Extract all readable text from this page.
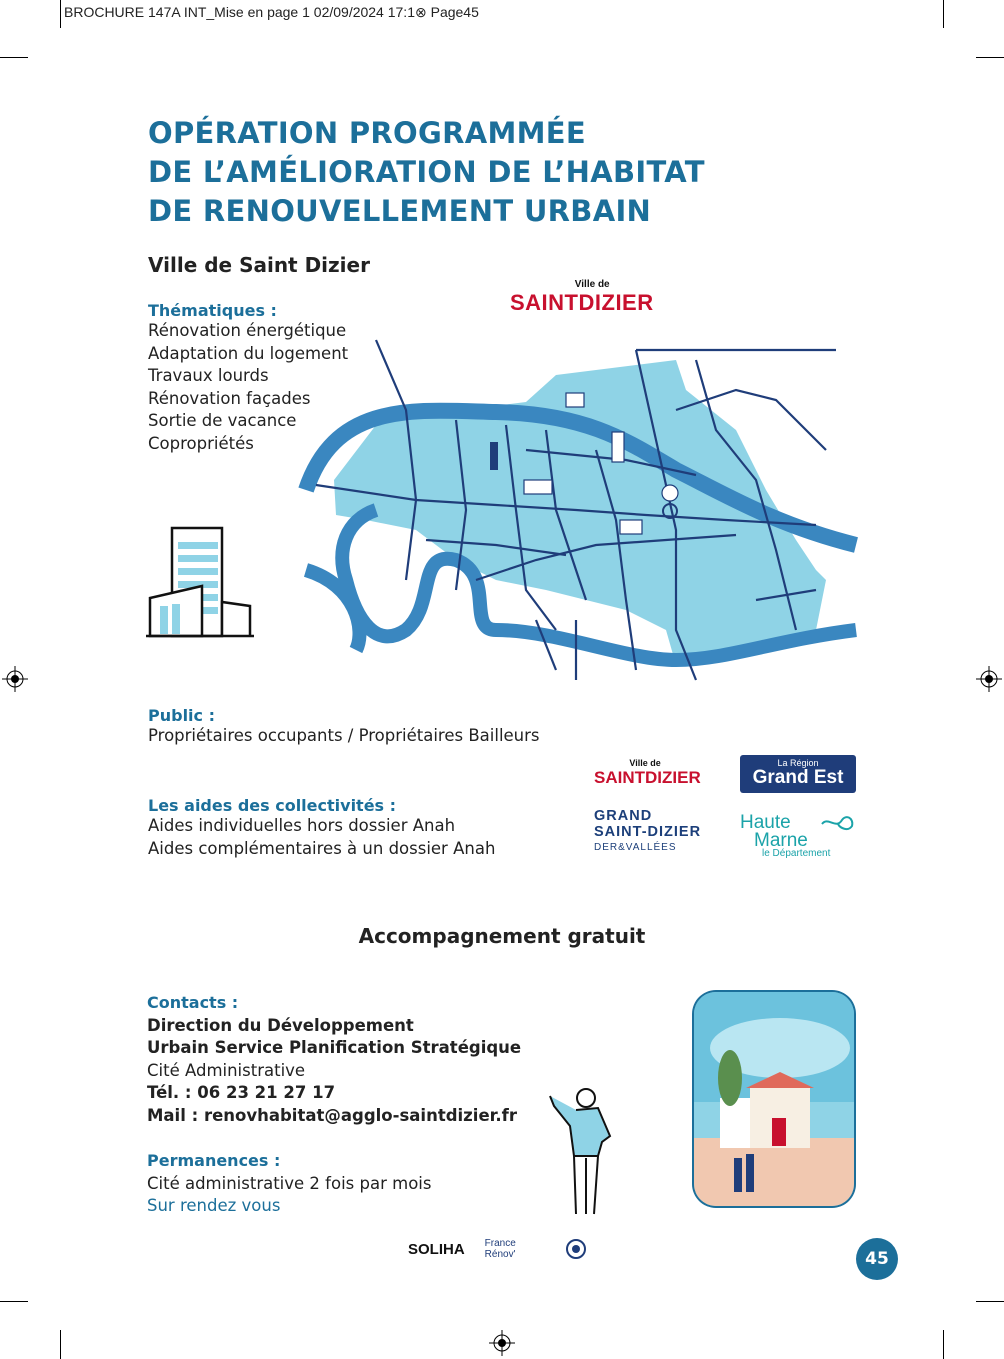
BROCHURE 147A INT_Mise en page 1 02/09/2024 17:1⊗ Page45
OPÉRATION PROGRAMMÉE
DE L’AMÉLIORATION DE L’HABITAT
DE RENOUVELLEMENT URBAIN
Ville de Saint Dizier
Ville de
SAINTDIZIER
Thématiques :
Rénovation énergétique
Adaptation du logement
Travaux lourds
Rénovation façades
Sortie de vacance
Copropriétés
Public :
Propriétaires occupants / Propriétaires Bailleurs
Les aides des collectivités :
Aides individuelles hors dossier Anah
Aides complémentaires à un dossier Anah
Ville de
SAINTDIZIER
La Région
Grand Est
GRAND
SAINT-DIZIER
DER&VALLÉES
Haute
Marne
le Département
Accompagnement gratuit
Contacts :
Direction du Développement
Urbain Service Planification Stratégique
Cité Administrative
Tél. : 06 23 21 27 17
Mail : renovhabitat@agglo-saintdizier.fr
Permanences :
Cité administrative 2 fois par mois
Sur rendez vous
SOLIHA France Rénov'	45
